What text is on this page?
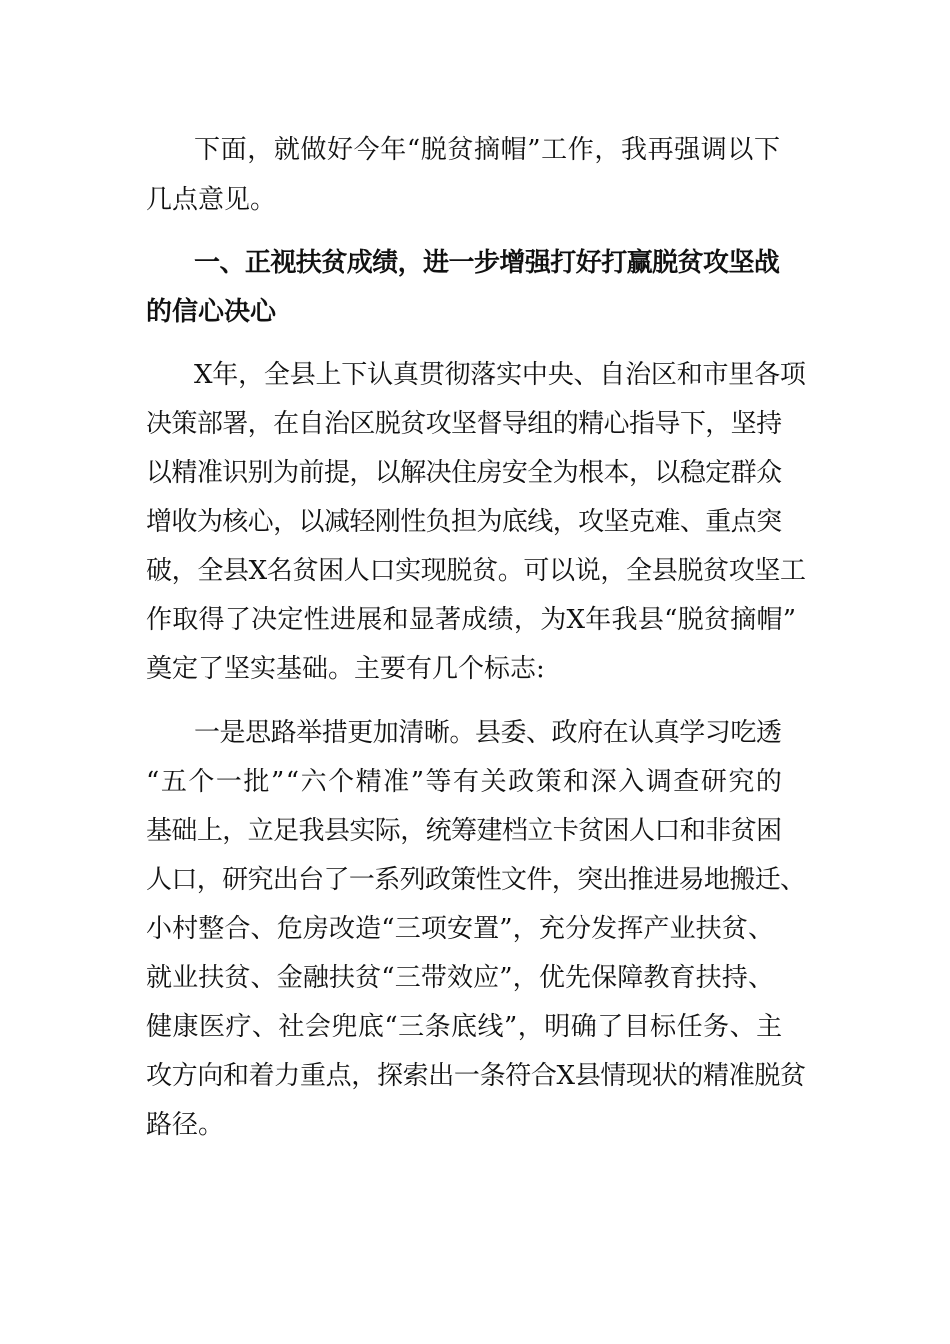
下面，就做好今年“脱贫摘帽”工作，我再强调以下
几点意见。
一、正视扶贫成绩，进一步增强打好打赢脱贫攻坚战
的信心决心
X年，全县上下认真贯彻落实中央、自治区和市里各项
决策部署，在自治区脱贫攻坚督导组的精心指导下，坚持
以精准识别为前提，以解决住房安全为根本，以稳定群众
增收为核心，以减轻刚性负担为底线，攻坚克难、重点突
破，全县X名贫困人口实现脱贫。可以说，全县脱贫攻坚工
作取得了决定性进展和显著成绩，为X年我县“脱贫摘帽”
奠定了坚实基础。主要有几个标志:
一是思路举措更加清晰。县委、政府在认真学习吃透
“五个一批”“六个精准”等有关政策和深入调查研究的
基础上，立足我县实际，统筹建档立卡贫困人口和非贫困
人口，研究出台了一系列政策性文件，突出推进易地搬迁、
小村整合、危房改造“三项安置”，充分发挥产业扶贫、
就业扶贫、金融扶贫“三带效应”，优先保障教育扶持、
健康医疗、社会兜底“三条底线”，明确了目标任务、主
攻方向和着力重点，探索出一条符合X县情现状的精准脱贫
路径。
